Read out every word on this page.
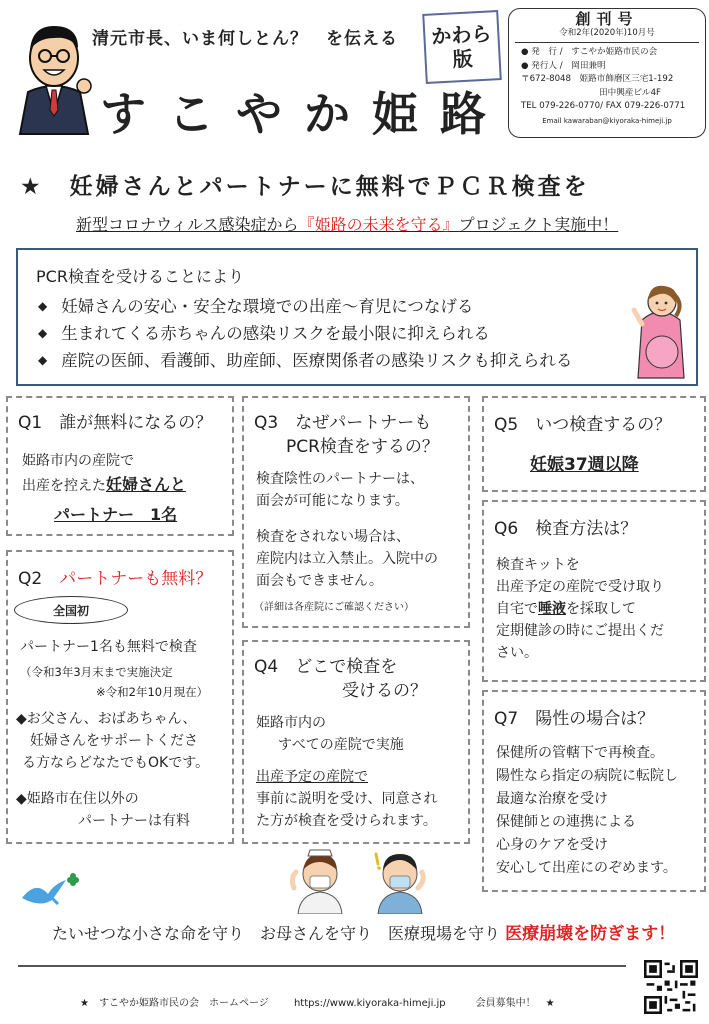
清元市長、いま何しとん？　を伝える
すこやか姫路
かわら
版
創刊号
令和2年(2020年)10月号
● 発　行 /　すこやか姫路市民の会
● 発行人 /　岡田兼明
〒672-8048　姫路市飾磨区三宅1-192
田中興産ビル4F
TEL 079-226-0770/ FAX 079-226-0771
Email kawaraban@kiyoraka-himeji.jp
★　妊婦さんとパートナーに無料でＰＣＲ検査を
新型コロナウィルス感染症から『姫路の未来を守る』プロジェクト実施中！
PCR検査を受けることにより
◆ 妊婦さんの安心・安全な環境での出産～育児につなげる
◆ 生まれてくる赤ちゃんの感染リスクを最小限に抑えられる
◆ 産院の医師、看護師、助産師、医療関係者の感染リスクも抑えられる
Q1　誰が無料になるの？
姫路市内の産院で
出産を控えた妊婦さんと
パートナー　1名
Q2　パートナーも無料？
全国初
パートナー1名も無料で検査
（令和3年3月末まで実施決定
※令和2年10月現在）
◆お父さん、おばあちゃん、
妊婦さんをサポートくださ
る方ならどなたでもOKです。
◆姫路市在住以外の
パートナーは有料
Q3　なぜパートナーも
PCR検査をするの？
検査陰性のパートナーは、
面会が可能になります。
検査をされない場合は、
産院内は立入禁止。入院中の
面会もできません。
（詳細は各産院にご確認ください）
Q4　どこで検査を
受けるの？
姫路市内の
すべての産院で実施
出産予定の産院で
事前に説明を受け、同意され
た方が検査を受けられます。
Q5　いつ検査するの？
妊娠37週以降
Q6　検査方法は？
検査キットを
出産予定の産院で受け取り
自宅で唾液を採取して
定期健診の時にご提出くだ
さい。
Q7　陽性の場合は？
保健所の管轄下で再検査。
陽性なら指定の病院に転院し
最適な治療を受け
保健師との連携による
心身のケアを受け
安心して出産にのぞめます。
たいせつな小さな命を守り　お母さんを守り　医療現場を守り 医療崩壊を防ぎます！
★　すこやか姫路市民の会　ホームページ　　 https://www.kiyoraka-himeji.jp　　　会員募集中！　★
